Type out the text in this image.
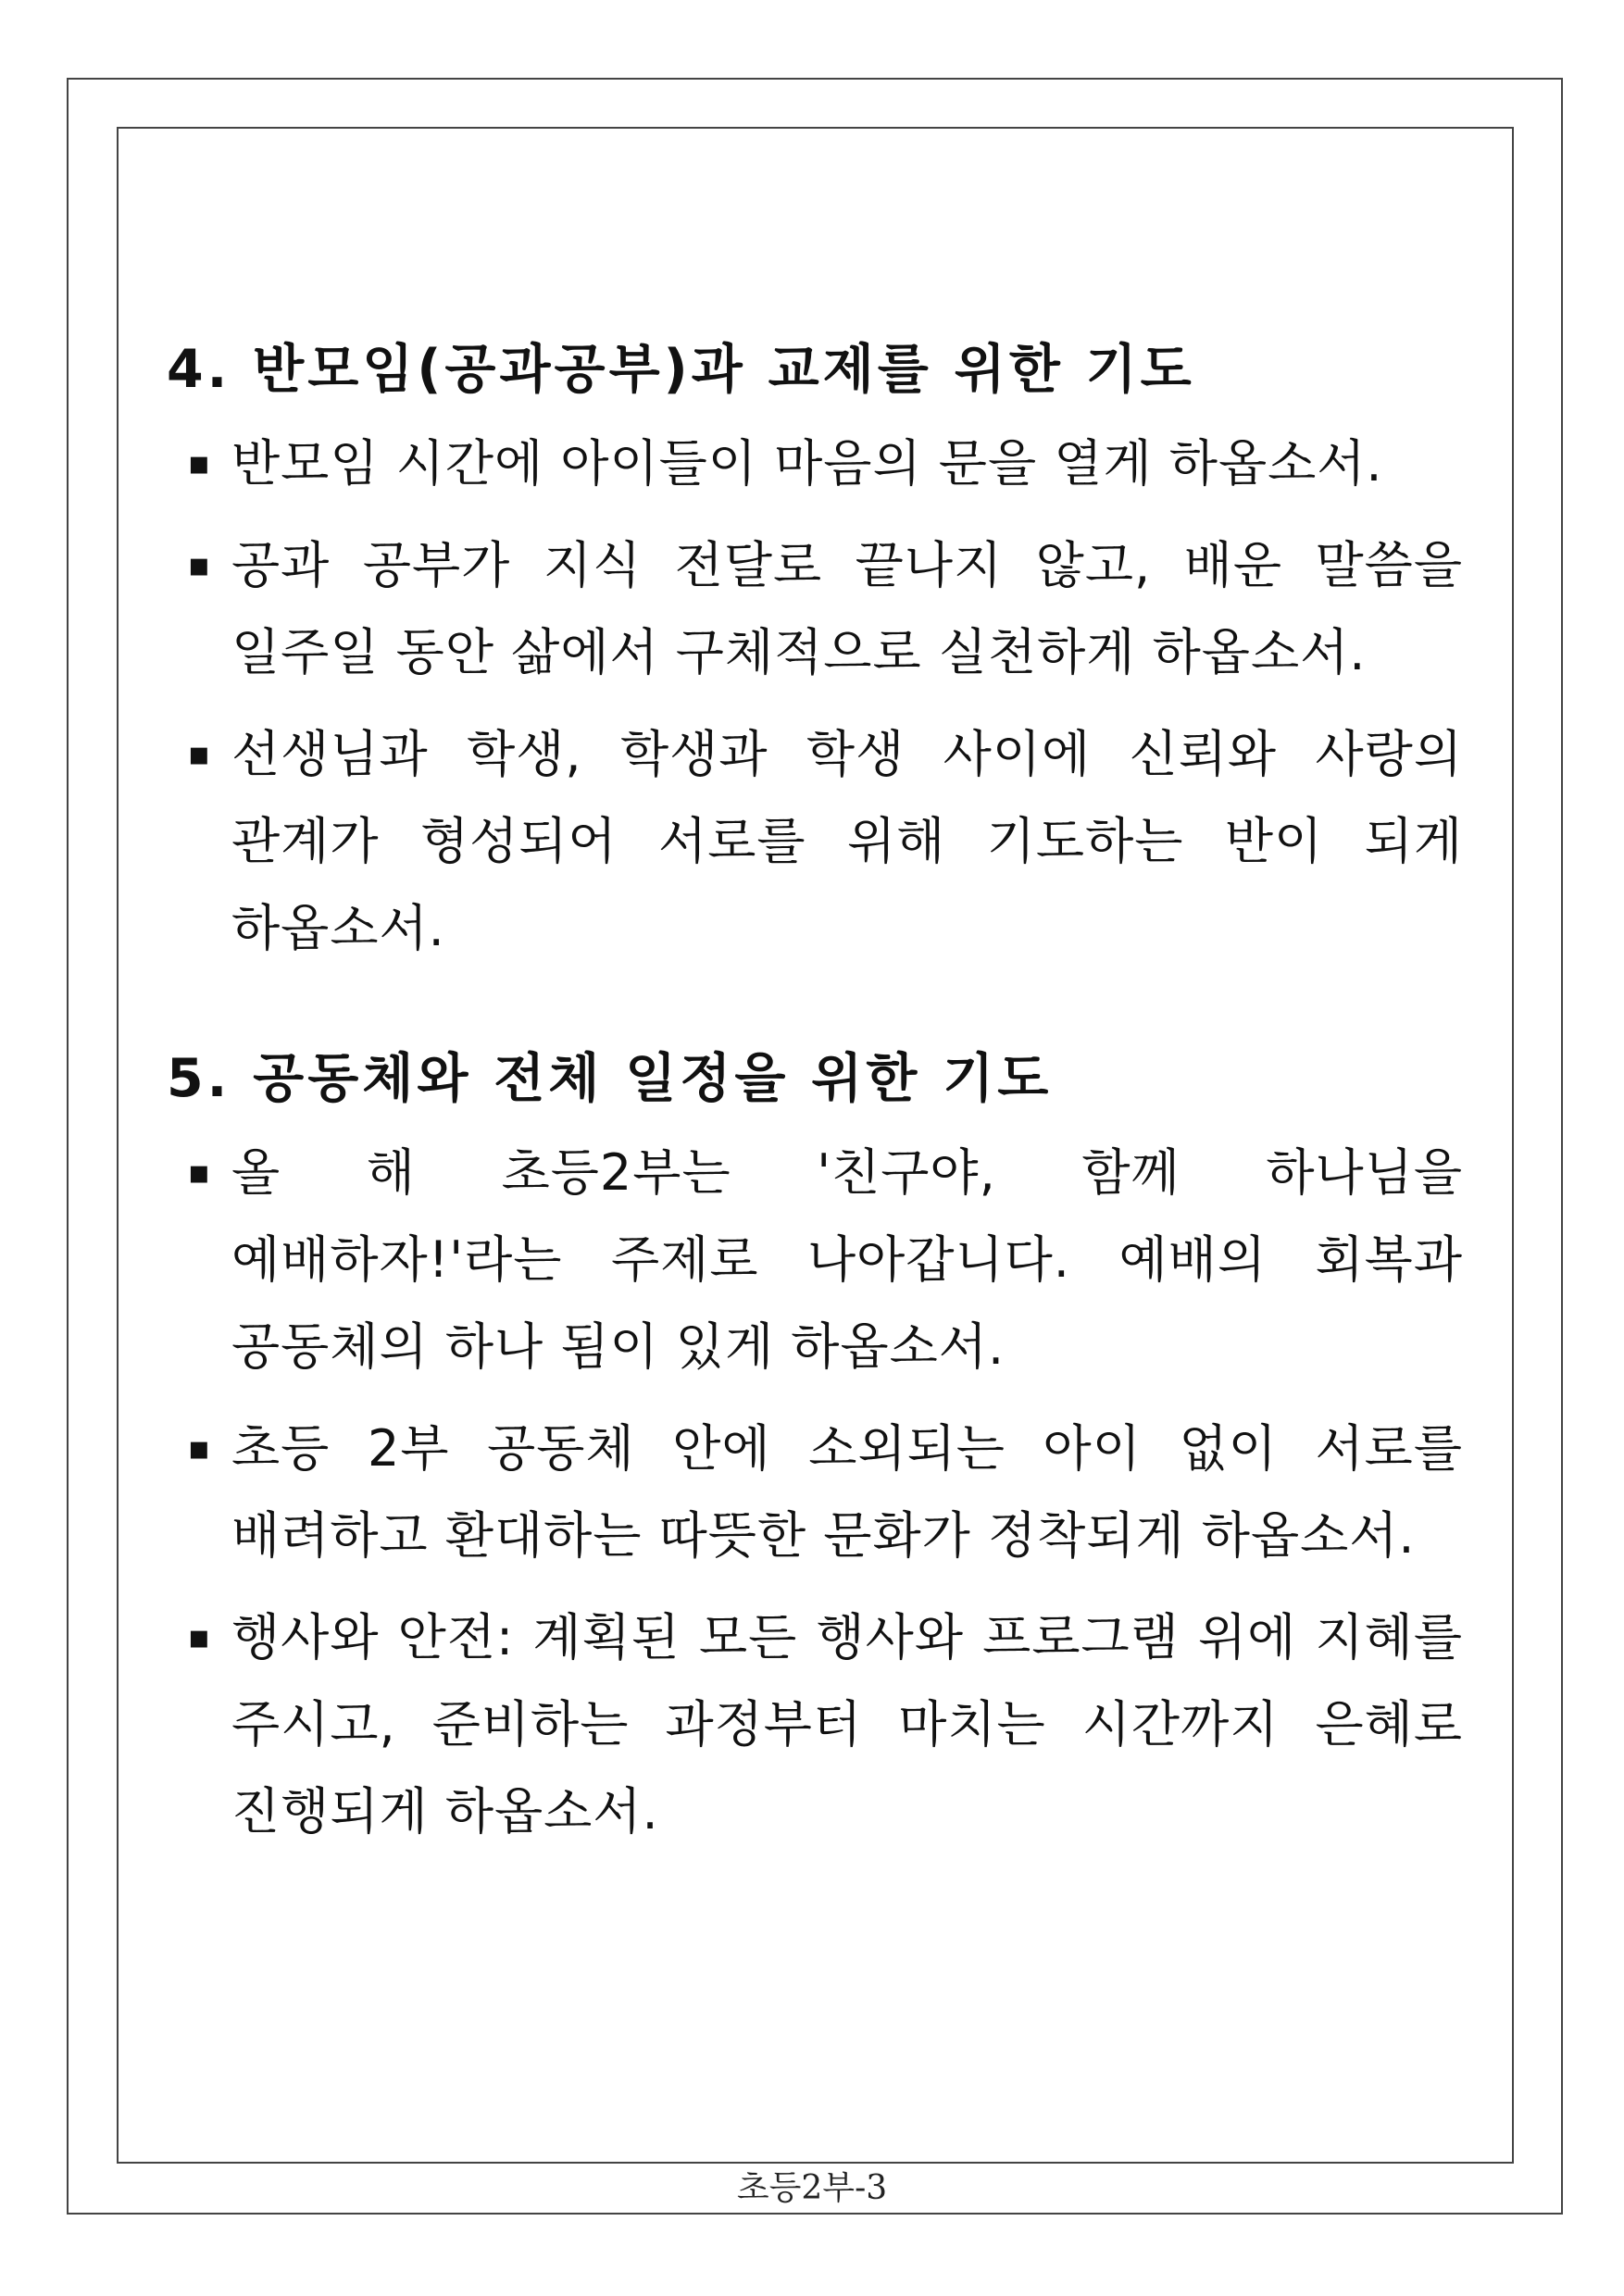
4. 반모임(공과공부)과 교제를 위한 기도
▪ 반모임 시간에 아이들이 마음의 문을 열게 하옵소서.

▪ 공과 공부가 지식 전달로 끝나지 않고, 배운 말씀을 일주일 동안 삶에서 구체적으로 실천하게 하옵소서.

▪ 선생님과 학생, 학생과 학생 사이에 신뢰와 사랑의 관계가 형성되어 서로를 위해 기도하는 반이 되게 하옵소서.

5. 공동체와 전체 일정을 위한 기도
▪ 올 해 초등2부는 '친구야, 함께 하나님을 예배하자!'라는 주제로 나아갑니다. 예배의 회복과 공동체의 하나 됨이 있게 하옵소서.

▪ 초등 2부 공동체 안에 소외되는 아이 없이 서로를 배려하고 환대하는 따뜻한 문화가 정착되게 하옵소서.

▪ 행사와 안전: 계획된 모든 행사와 프로그램 위에 지혜를 주시고, 준비하는 과정부터 마치는 시간까지 은혜로 진행되게 하옵소서.

초등2부-3
